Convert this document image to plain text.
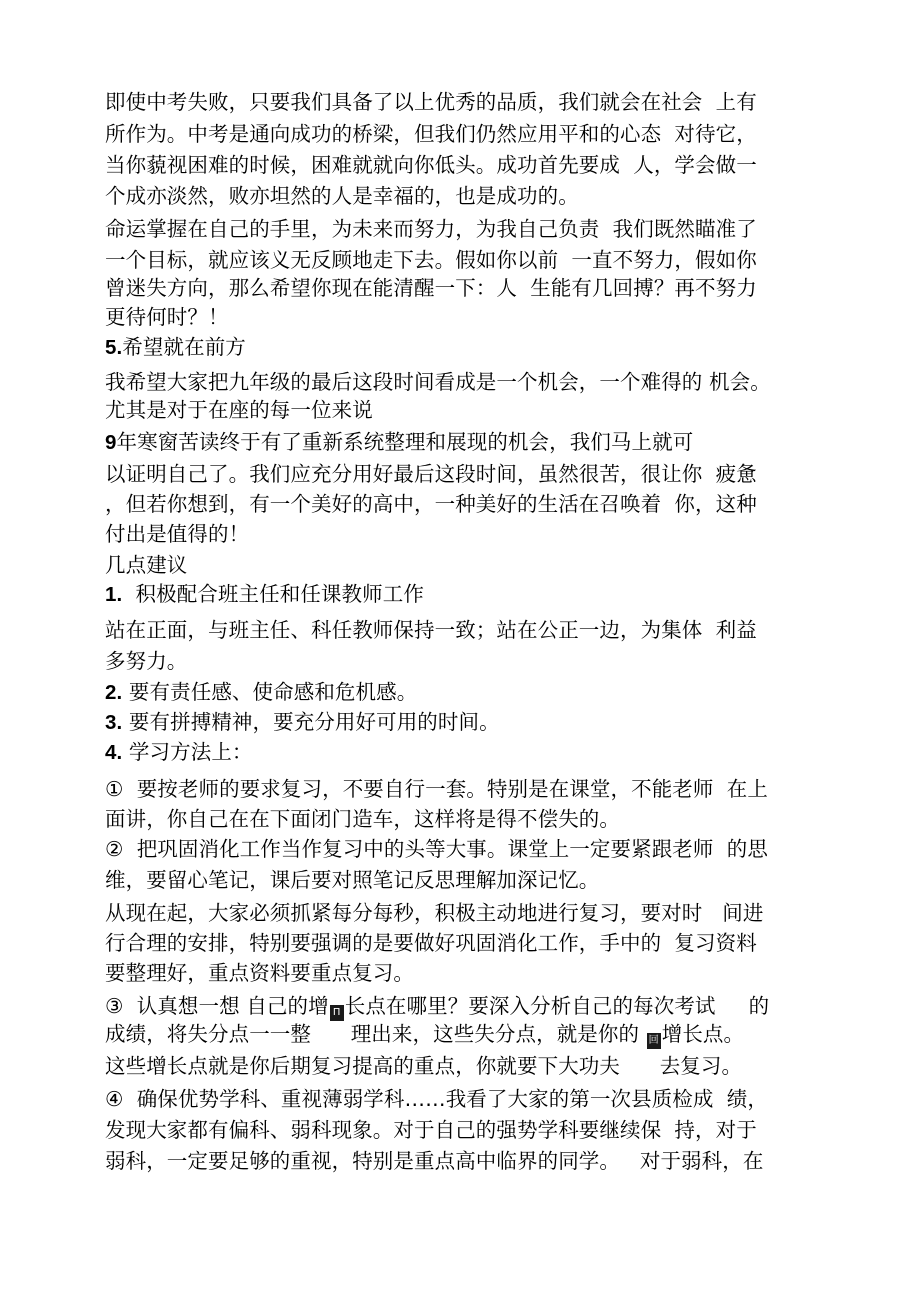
即使中考失败，只要我们具备了以上优秀的品质，我们就会在社会  上有
所作为。中考是通向成功的桥梁，但我们仍然应用平和的心态  对待它，
当你藐视困难的时候，困难就就向你低头。成功首先要成  人，学会做一
个成亦淡然，败亦坦然的人是幸福的，也是成功的。
命运掌握在自己的手里，为未来而努力，为我自己负责  我们既然瞄准了
一个目标，就应该义无反顾地走下去。假如你以前  一直不努力，假如你
曾迷失方向，那么希望你现在能清醒一下：人  生能有几回搏？再不努力
更待何时？！
5.希望就在前方
我希望大家把九年级的最后这段时间看成是一个机会，一个难得的 机会。
尤其是对于在座的每一位来说
9年寒窗苦读终于有了重新系统整理和展现的机会，我们马上就可
以证明自己了。我们应充分用好最后这段时间，虽然很苦，很让你  疲惫
，但若你想到，有一个美好的高中，一种美好的生活在召唤着  你，这种
付出是值得的！
几点建议
1.  积极配合班主任和任课教师工作
站在正面，与班主任、科任教师保持一致；站在公正一边，为集体  利益
多努力。
2. 要有责任感、使命感和危机感。
3. 要有拼搏精神，要充分用好可用的时间。
4. 学习方法上：
①  要按老师的要求复习，不要自行一套。特别是在课堂，不能老师  在上
面讲，你自己在在下面闭门造车，这样将是得不偿失的。
②  把巩固消化工作当作复习中的头等大事。课堂上一定要紧跟老师  的思
维，要留心笔记，课后要对照笔记反思理解加深记忆。
从现在起，大家必须抓紧每分每秒，积极主动地进行复习，要对时   间进
行合理的安排，特别要强调的是要做好巩固消化工作，手中的  复习资料
要整理好，重点资料要重点复习。
③  认真想一想 自己的增 П 长点在哪里？要深入分析自己的每次考试     的
成绩，将失分点一一整      理出来，这些失分点，就是你的 回 增长点。
这些增长点就是你后期复习提高的重点，你就要下大功夫      去复习。
④  确保优势学科、重视薄弱学科……我看了大家的第一次县质检成  绩，
发现大家都有偏科、弱科现象。对于自己的强势学科要继续保  持，对于
弱科，一定要足够的重视，特别是重点高中临界的同学。   对于弱科，在
